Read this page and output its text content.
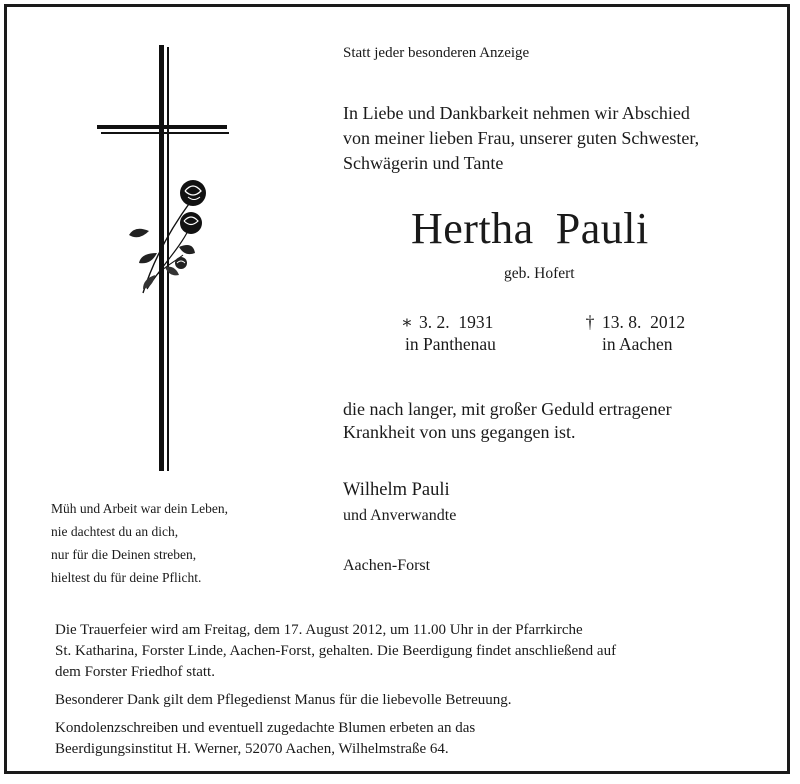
Statt jeder besonderen Anzeige
In Liebe und Dankbarkeit nehmen wir Abschied
von meiner lieben Frau, unserer guten Schwester,
Schwägerin und Tante
Hertha Pauli
geb. Hofert
∗ 3. 2.  1931
in Panthenau
† 13. 8.  2012
in Aachen
die nach langer, mit großer Geduld ertragener
Krankheit von uns gegangen ist.
Wilhelm Pauli
und Anverwandte
Aachen-Forst
Müh und Arbeit war dein Leben,
nie dachtest du an dich,
nur für die Deinen streben,
hieltest du für deine Pflicht.
Die Trauerfeier wird am Freitag, dem 17. August 2012, um 11.00 Uhr in der Pfarrkirche
St. Katharina, Forster Linde, Aachen-Forst, gehalten. Die Beerdigung findet anschließend auf
dem Forster Friedhof statt.
Besonderer Dank gilt dem Pflegedienst Manus für die liebevolle Betreuung.
Kondolenzschreiben und eventuell zugedachte Blumen erbeten an das
Beerdigungsinstitut H. Werner, 52070 Aachen, Wilhelmstraße 64.
